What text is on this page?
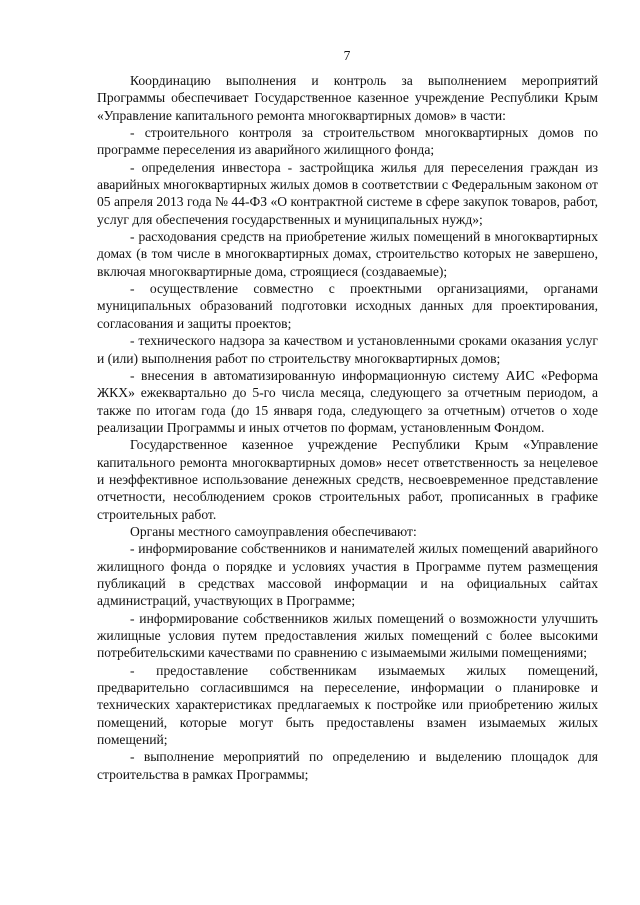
7

Координацию выполнения и контроль за выполнением мероприятий Программы обеспечивает Государственное казенное учреждение Республики Крым «Управление капитального ремонта многоквартирных домов» в части:

- строительного контроля за строительством многоквартирных домов по программе переселения из аварийного жилищного фонда;

- определения инвестора - застройщика жилья для переселения граждан из аварийных многоквартирных жилых домов в соответствии с Федеральным законом от 05 апреля 2013 года № 44-ФЗ «О контрактной системе в сфере закупок товаров, работ, услуг для обеспечения государственных и муниципальных нужд»;

- расходования средств на приобретение жилых помещений в многоквартирных домах (в том числе в многоквартирных домах, строительство которых не завершено, включая многоквартирные дома, строящиеся (создаваемые);

- осуществление совместно с проектными организациями, органами муниципальных образований подготовки исходных данных для проектирования, согласования и защиты проектов;

- технического надзора за качеством и установленными сроками оказания услуг и (или) выполнения работ по строительству многоквартирных домов;

- внесения в автоматизированную информационную систему АИС «Реформа ЖКХ» ежеквартально до 5-го числа месяца, следующего за отчетным периодом, а также по итогам года (до 15 января года, следующего за отчетным) отчетов о ходе реализации Программы и иных отчетов по формам, установленным Фондом.

Государственное казенное учреждение Республики Крым «Управление капитального ремонта многоквартирных домов» несет ответственность за нецелевое и неэффективное использование денежных средств, несвоевременное представление отчетности, несоблюдением сроков строительных работ, прописанных в графике строительных работ.

Органы местного самоуправления обеспечивают:

- информирование собственников и нанимателей жилых помещений аварийного жилищного фонда о порядке и условиях участия в Программе путем размещения публикаций в средствах массовой информации и на официальных сайтах администраций, участвующих в Программе;

- информирование собственников жилых помещений о возможности улучшить жилищные условия путем предоставления жилых помещений с более высокими потребительскими качествами по сравнению с изымаемыми жилыми помещениями;

- предоставление собственникам изымаемых жилых помещений, предварительно согласившимся на переселение, информации о планировке и технических характеристиках предлагаемых к постройке или приобретению жилых помещений, которые могут быть предоставлены взамен изымаемых жилых помещений;

- выполнение мероприятий по определению и выделению площадок для строительства в рамках Программы;
